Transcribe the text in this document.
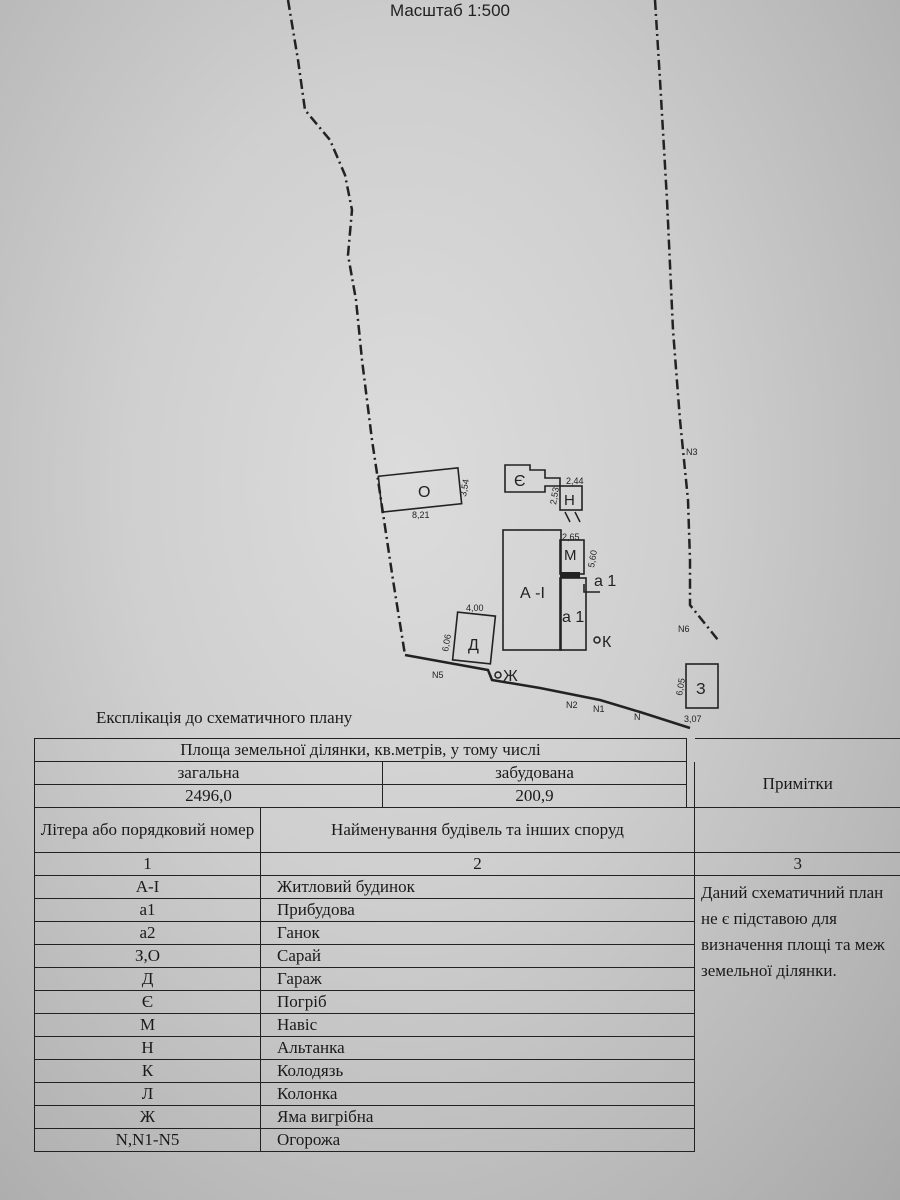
Масштаб 1:500
О
8,21
3,54	Є
Н
2,44
2,53
А -І
М
2,65
5,60
а 1
а 1
К
Д
4,00
6,06
Ж
З
3,07
6,05
N3
N6
N5
N2 N1
N
Експлікація до схематичного плану
Площа земельної ділянки, кв.метрів, у тому числі				
загальна		забудована		Примітки
2496,0		200,9		
Літера або порядковий номер	Найменування будівель та інших споруд			
1	2			3
А-І	Житловий будинок			Даний схематичний план не є підставою для визначення площі та меж земельної ділянки.
а1	Прибудова			
а2	Ганок			
З,О	Сарай			
Д	Гараж			
Є	Погріб			
М	Навіс			
Н	Альтанка			
К	Колодязь			
Л	Колонка			
Ж	Яма вигрібна			
N,N1-N5	Огорожа			
